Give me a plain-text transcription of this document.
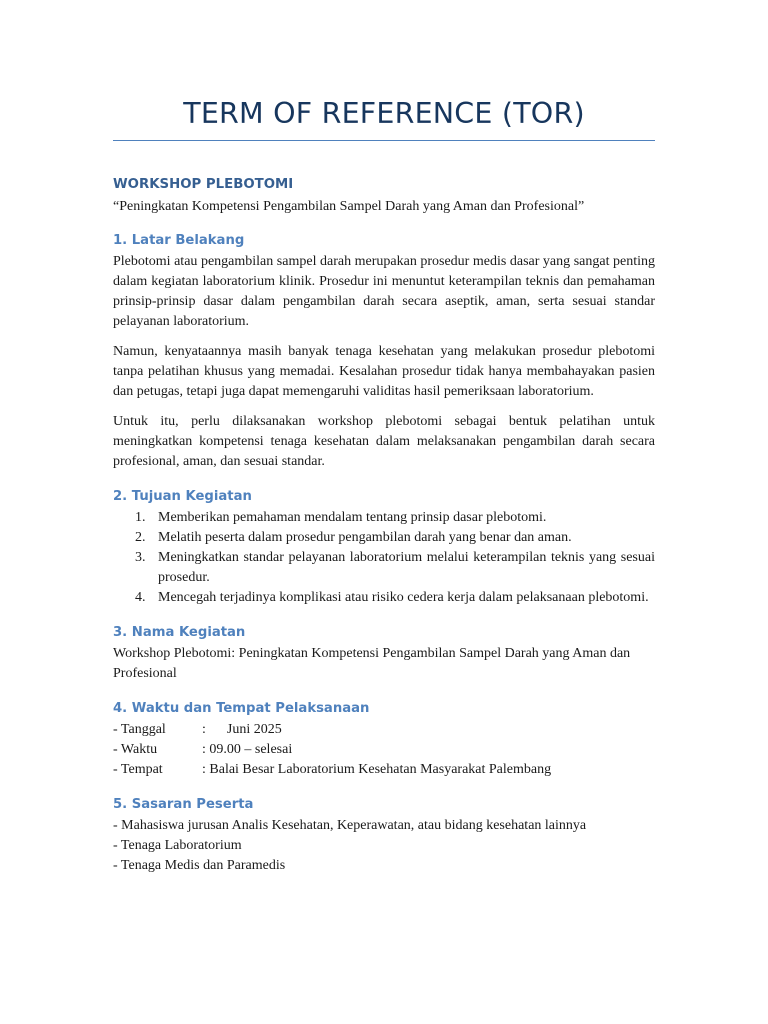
TERM OF REFERENCE (TOR)
WORKSHOP PLEBOTOMI

“Peningkatan Kompetensi Pengambilan Sampel Darah yang Aman dan Profesional”

1. Latar Belakang

Plebotomi atau pengambilan sampel darah merupakan prosedur medis dasar yang sangat penting dalam kegiatan laboratorium klinik. Prosedur ini menuntut keterampilan teknis dan pemahaman prinsip-prinsip dasar dalam pengambilan darah secara aseptik, aman, serta sesuai standar pelayanan laboratorium.

Namun, kenyataannya masih banyak tenaga kesehatan yang melakukan prosedur plebotomi tanpa pelatihan khusus yang memadai. Kesalahan prosedur tidak hanya membahayakan pasien dan petugas, tetapi juga dapat memengaruhi validitas hasil pemeriksaan laboratorium.

Untuk itu, perlu dilaksanakan workshop plebotomi sebagai bentuk pelatihan untuk meningkatkan kompetensi tenaga kesehatan dalam melaksanakan pengambilan darah secara profesional, aman, dan sesuai standar.

2. Tujuan Kegiatan
1. Memberikan pemahaman mendalam tentang prinsip dasar plebotomi.
2. Melatih peserta dalam prosedur pengambilan darah yang benar dan aman.
3. Meningkatkan standar pelayanan laboratorium melalui keterampilan teknis yang sesuai prosedur.
4. Mencegah terjadinya komplikasi atau risiko cedera kerja dalam pelaksanaan plebotomi.
3. Nama Kegiatan

Workshop Plebotomi: Peningkatan Kompetensi Pengambilan Sampel Darah yang Aman dan Profesional

4. Waktu dan Tempat Pelaksanaan
- Tanggal	:      Juni 2025
- Waktu	: 09.00 – selesai
- Tempat	: Balai Besar Laboratorium Kesehatan Masyarakat Palembang
5. Sasaran Peserta

- Mahasiswa jurusan Analis Kesehatan, Keperawatan, atau bidang kesehatan lainnya

- Tenaga Laboratorium

- Tenaga Medis dan Paramedis
